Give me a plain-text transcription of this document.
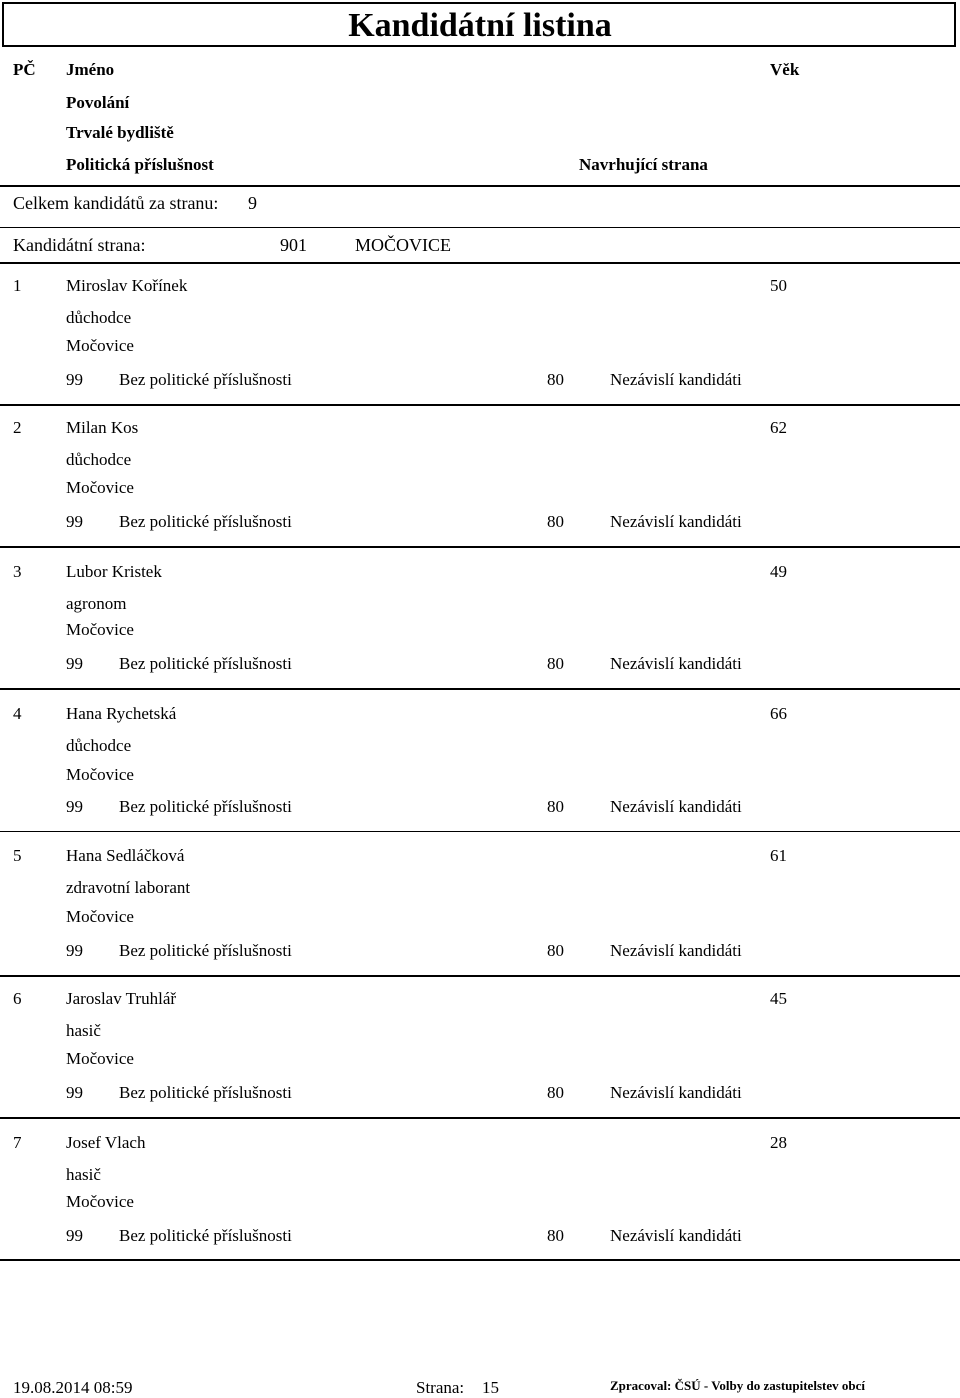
Kandidátní listina
PČ Jméno	Věk
Povolání
Trvalé bydliště
Politická příslušnost	Navrhující strana
Celkem kandidátů za stranu: 9
Kandidátní strana:	901	MOČOVICE
1	Miroslav Kořínek	50
důchodce
Močovice
99 Bez politické příslušnosti	80	Nezávislí kandidáti
2	Milan Kos	62
důchodce
Močovice
99 Bez politické příslušnosti	80	Nezávislí kandidáti
3	Lubor Kristek	49
agronom
Močovice
99 Bez politické příslušnosti	80	Nezávislí kandidáti
4	Hana Rychetská	66
důchodce
Močovice
99 Bez politické příslušnosti	80	Nezávislí kandidáti
5	Hana Sedláčková	61
zdravotní laborant
Močovice
99 Bez politické příslušnosti	80	Nezávislí kandidáti
6	Jaroslav Truhlář	45
hasič
Močovice
99 Bez politické příslušnosti	80	Nezávislí kandidáti
7	Josef Vlach	28
hasič
Močovice
99 Bez politické příslušnosti	80	Nezávislí kandidáti
19.08.2014 08:59	Strana: 15	Zpracoval: ČSÚ - Volby do zastupitelstev obcí
